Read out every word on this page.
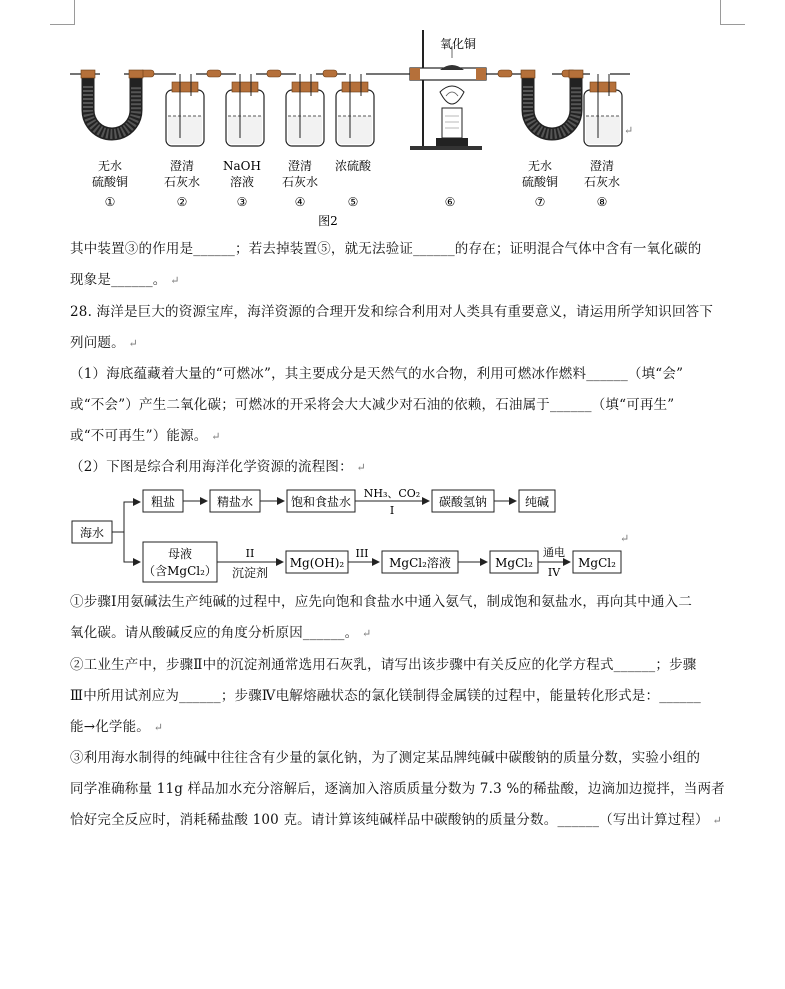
氧化铜
↵
无水
硫酸铜
①
澄清
石灰水
②
NaOH
溶液
③
澄清
石灰水
④
浓硫酸
⑤	⑥
无水
硫酸铜
⑦
澄清
石灰水
⑧
图2
其中装置③的作用是______；若去掉装置⑤，就无法验证______的存在；证明混合气体中含有一氧化碳的
现象是______。 ↵
28. 海洋是巨大的资源宝库，海洋资源的合理开发和综合利用对人类具有重要意义，请运用所学知识回答下
列问题。 ↵
（1）海底蕴藏着大量的“可燃冰”，其主要成分是天然气的水合物，利用可燃冰作燃料______（填“会”
或“不会”）产生二氧化碳；可燃冰的开采将会大大减少对石油的依赖，石油属于______（填“可再生”
或“不可再生”）能源。 ↵
（2）下图是综合利用海洋化学资源的流程图： ↵
海水
粗盐	精盐水	饱和食盐水
NH₃、CO₂
I
碳酸氢钠	纯碱
母液
（含MgCl₂）
II
沉淀剂
Mg(OH)₂
III
MgCl₂溶液	MgCl₂
通电
IV
MgCl₂
↵
①步骤Ⅰ用氨碱法生产纯碱的过程中，应先向饱和食盐水中通入氨气，制成饱和氨盐水，再向其中通入二
氧化碳。请从酸碱反应的角度分析原因______。 ↵
②工业生产中，步骤Ⅱ中的沉淀剂通常选用石灰乳，请写出该步骤中有关反应的化学方程式______；步骤
Ⅲ中所用试剂应为______；步骤Ⅳ电解熔融状态的氯化镁制得金属镁的过程中，能量转化形式是：______
能→化学能。 ↵
③利用海水制得的纯碱中往往含有少量的氯化钠，为了测定某品牌纯碱中碳酸钠的质量分数，实验小组的
同学准确称量 11g 样品加水充分溶解后，逐滴加入溶质质量分数为 7.3 %的稀盐酸，边滴加边搅拌，当两者
恰好完全反应时，消耗稀盐酸 100 克。请计算该纯碱样品中碳酸钠的质量分数。______（写出计算过程） ↵
